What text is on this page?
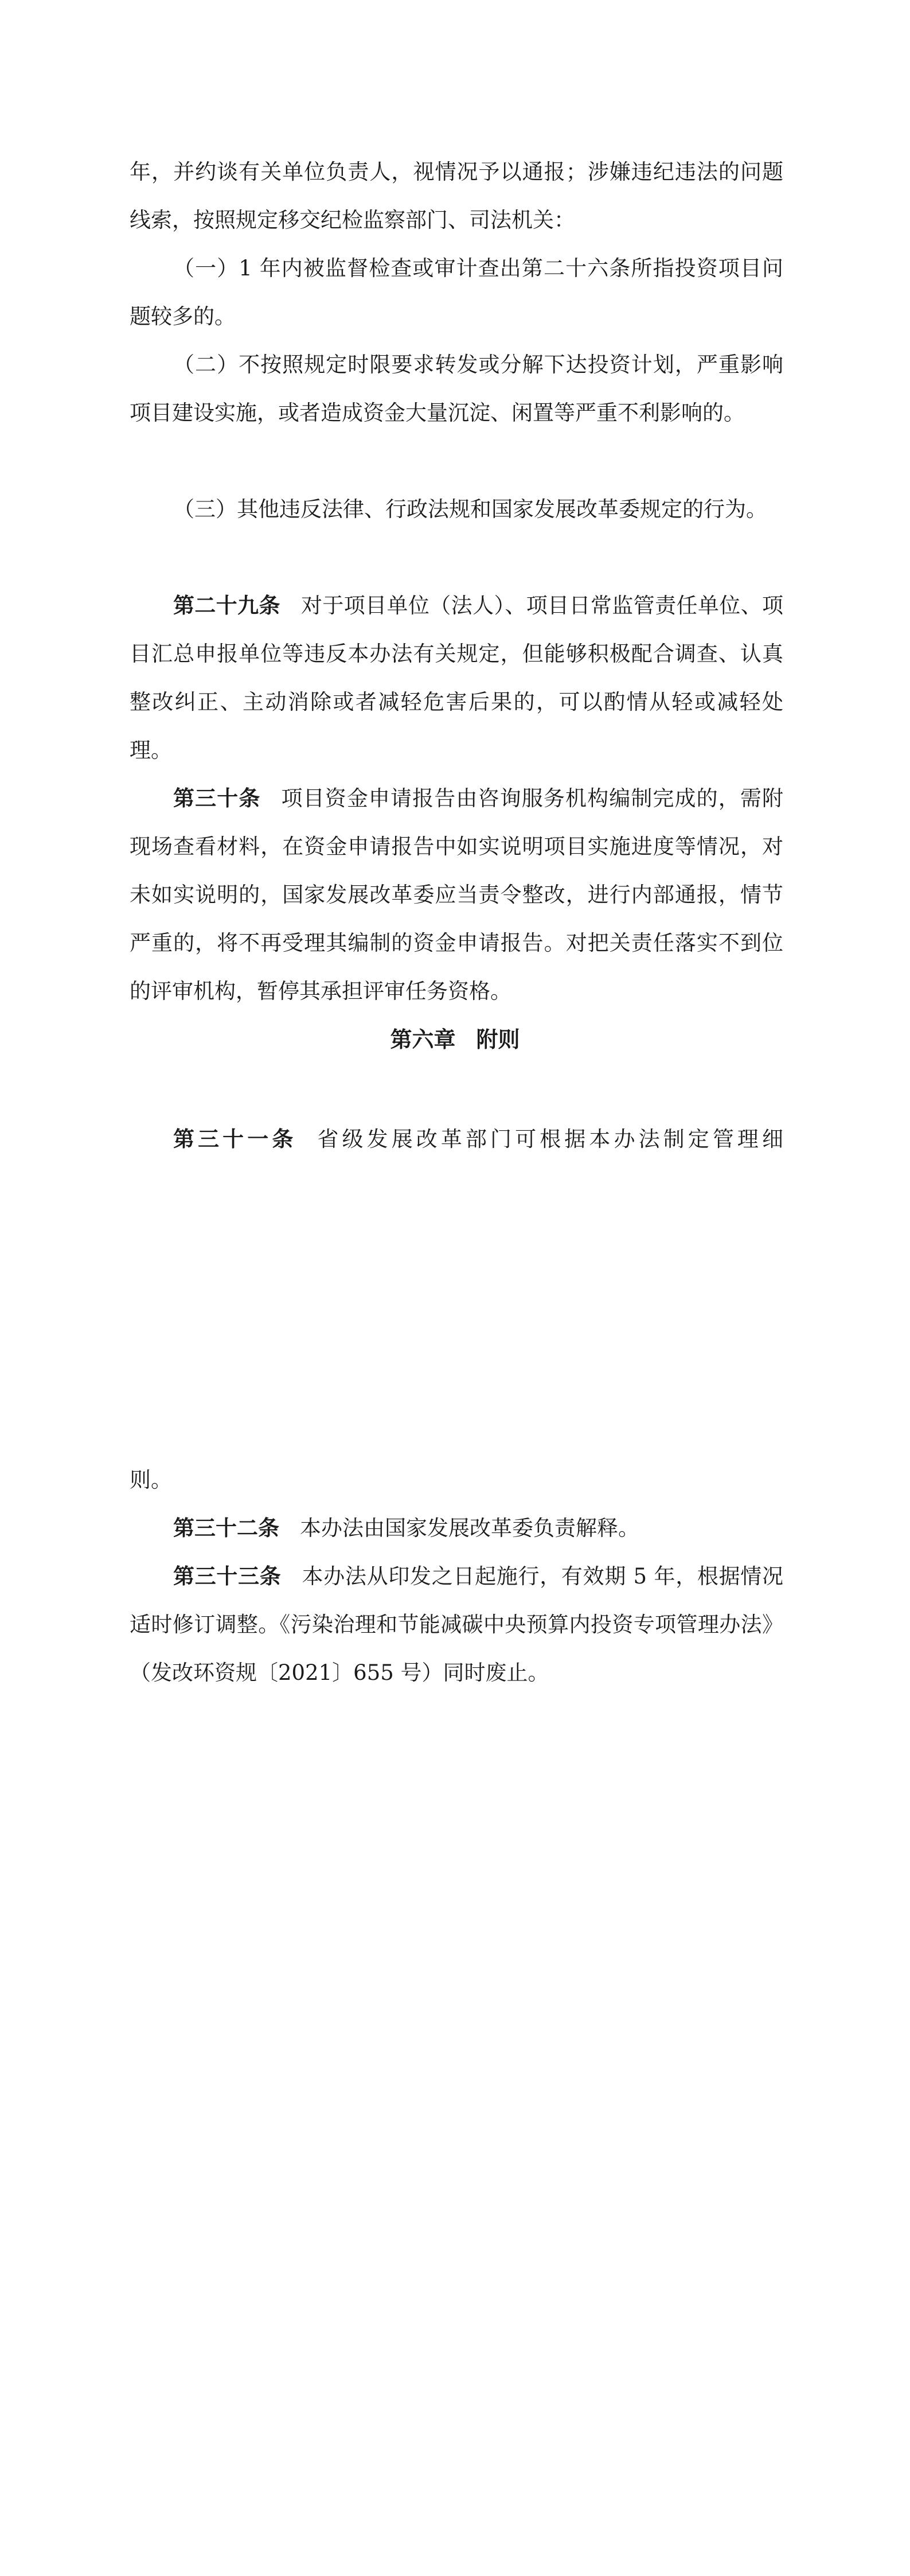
年，并约谈有关单位负责人，视情况予以通报；涉嫌违纪违法的问题线索，按照规定移交纪检监察部门、司法机关：

（一）1 年内被监督检查或审计查出第二十六条所指投资项目问题较多的。

（二）不按照规定时限要求转发或分解下达投资计划，严重影响项目建设实施，或者造成资金大量沉淀、闲置等严重不利影响的。

（三）其他违反法律、行政法规和国家发展改革委规定的行为。

第二十九条 对于项目单位（法人）、项目日常监管责任单位、项目汇总申报单位等违反本办法有关规定，但能够积极配合调查、认真整改纠正、主动消除或者减轻危害后果的，可以酌情从轻或减轻处理。

第三十条 项目资金申请报告由咨询服务机构编制完成的，需附现场查看材料，在资金申请报告中如实说明项目实施进度等情况，对未如实说明的，国家发展改革委应当责令整改，进行内部通报，情节严重的，将不再受理其编制的资金申请报告。对把关责任落实不到位的评审机构，暂停其承担评审任务资格。

第六章 附则

第三十一条 省级发展改革部门可根据本办法制定管理细

则。

第三十二条 本办法由国家发展改革委负责解释。

第三十三条 本办法从印发之日起施行，有效期 5 年，根据情况适时修订调整。《污染治理和节能减碳中央预算内投资专项管理办法》（发改环资规〔2021〕655 号）同时废止。
